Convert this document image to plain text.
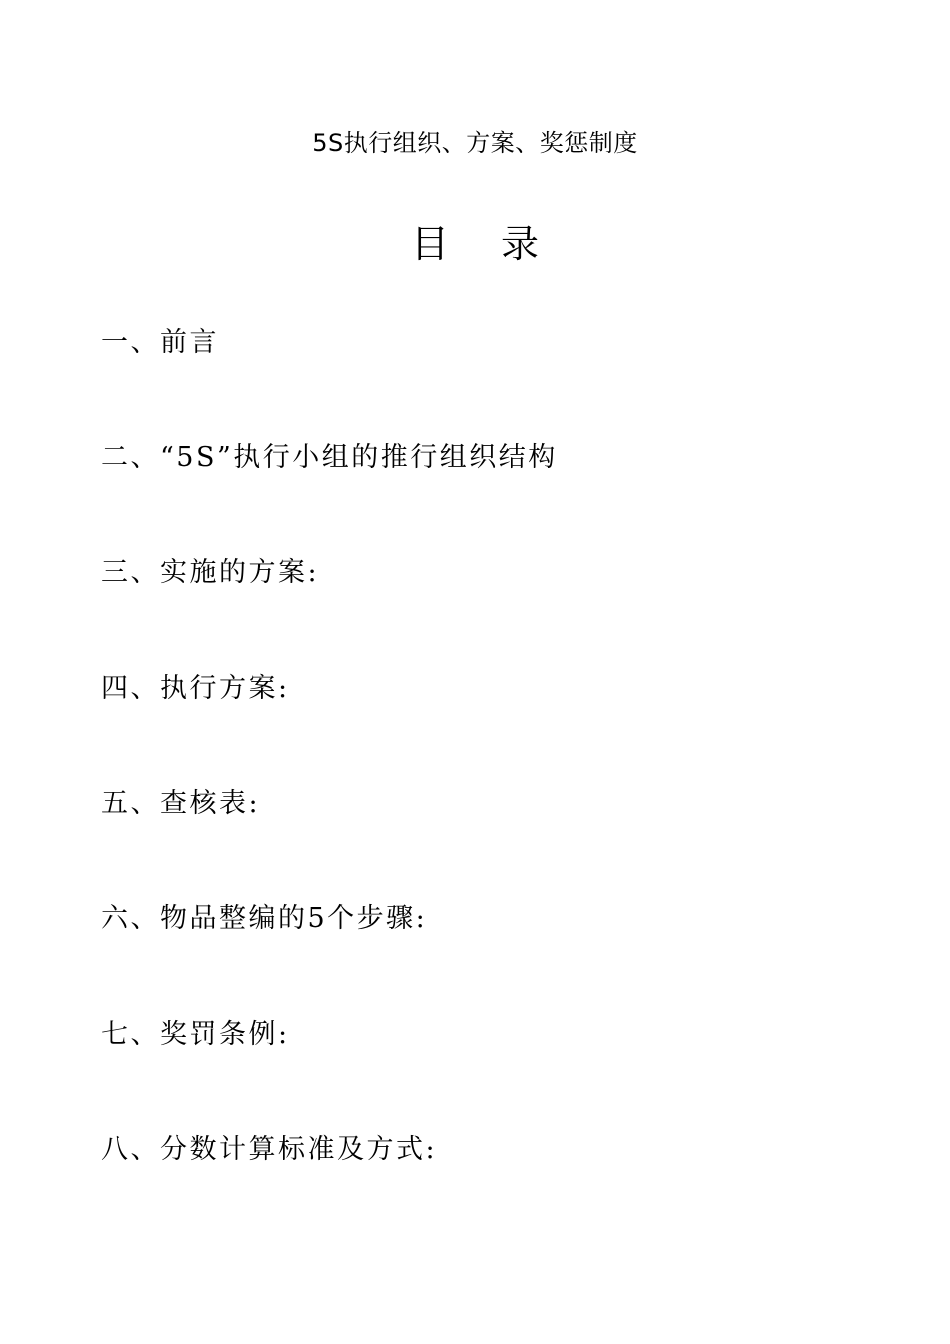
5S执行组织、方案、奖惩制度
目录
一、前言
二、“5S”执行小组的推行组织结构
三、实施的方案:
四、执行方案:
五、查核表:
六、物品整编的5个步骤:
七、奖罚条例:
八、分数计算标准及方式:
